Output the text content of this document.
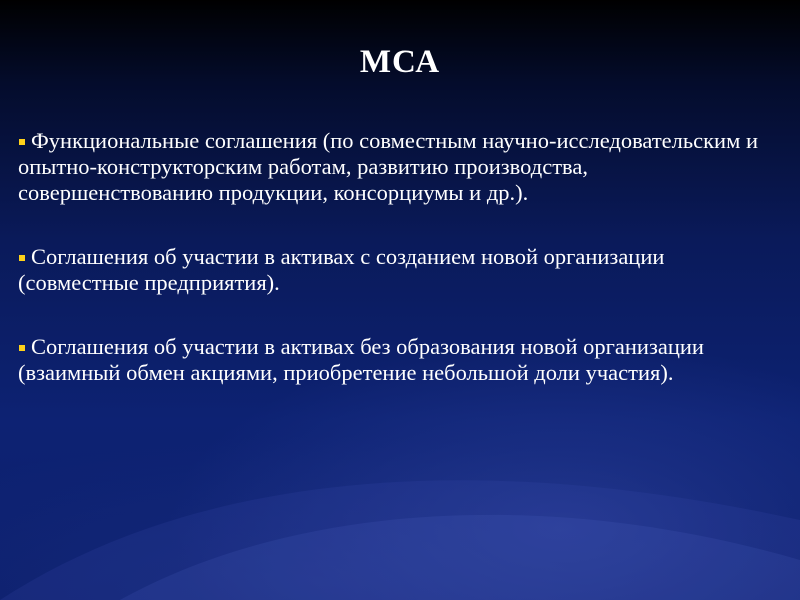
МСА
Функциональные соглашения (по совместным научно-исследовательским и опытно-конструкторским работам, развитию производства, совершенствованию продукции, консорциумы и др.).
Соглашения об участии в активах с созданием новой организации (совместные предприятия).
Соглашения об участии в активах без образования новой организации (взаимный обмен акциями, приобретение небольшой доли участия).
